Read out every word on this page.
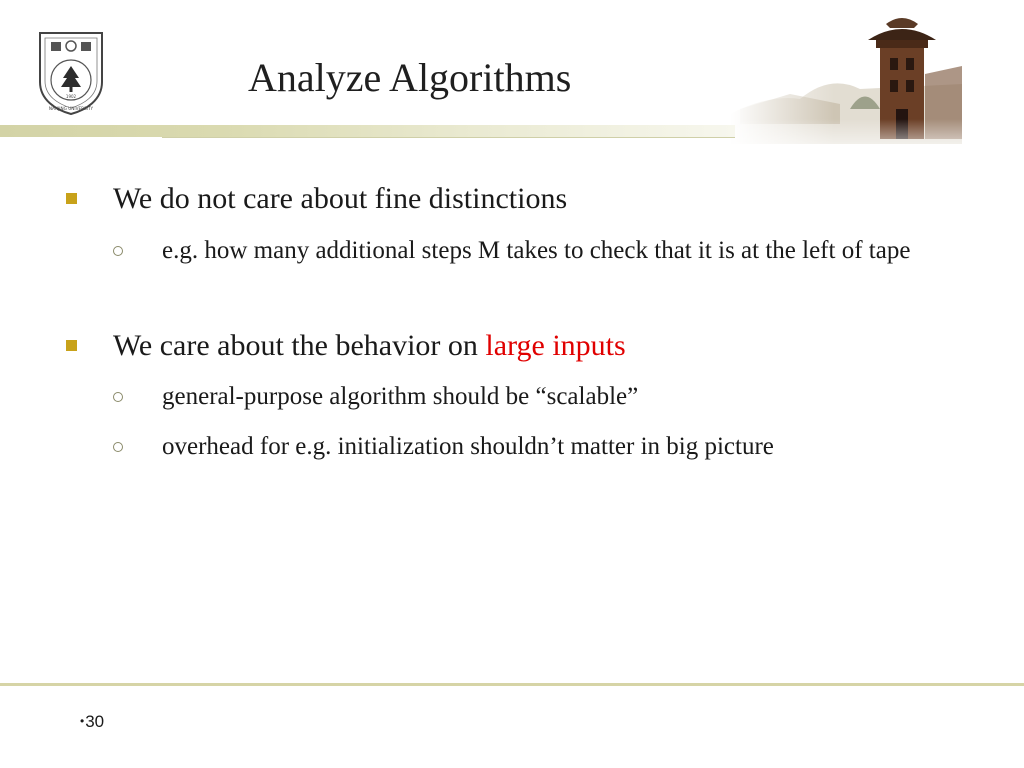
NANJING UNIVERSITY
1902	Analyze Algorithms
We do not care about fine distinctions
e.g. how many additional steps M takes to check that it is at the left of tape
We care about the behavior on large inputs
general-purpose algorithm should be “scalable”
overhead for e.g. initialization shouldn’t matter in big picture
•30
